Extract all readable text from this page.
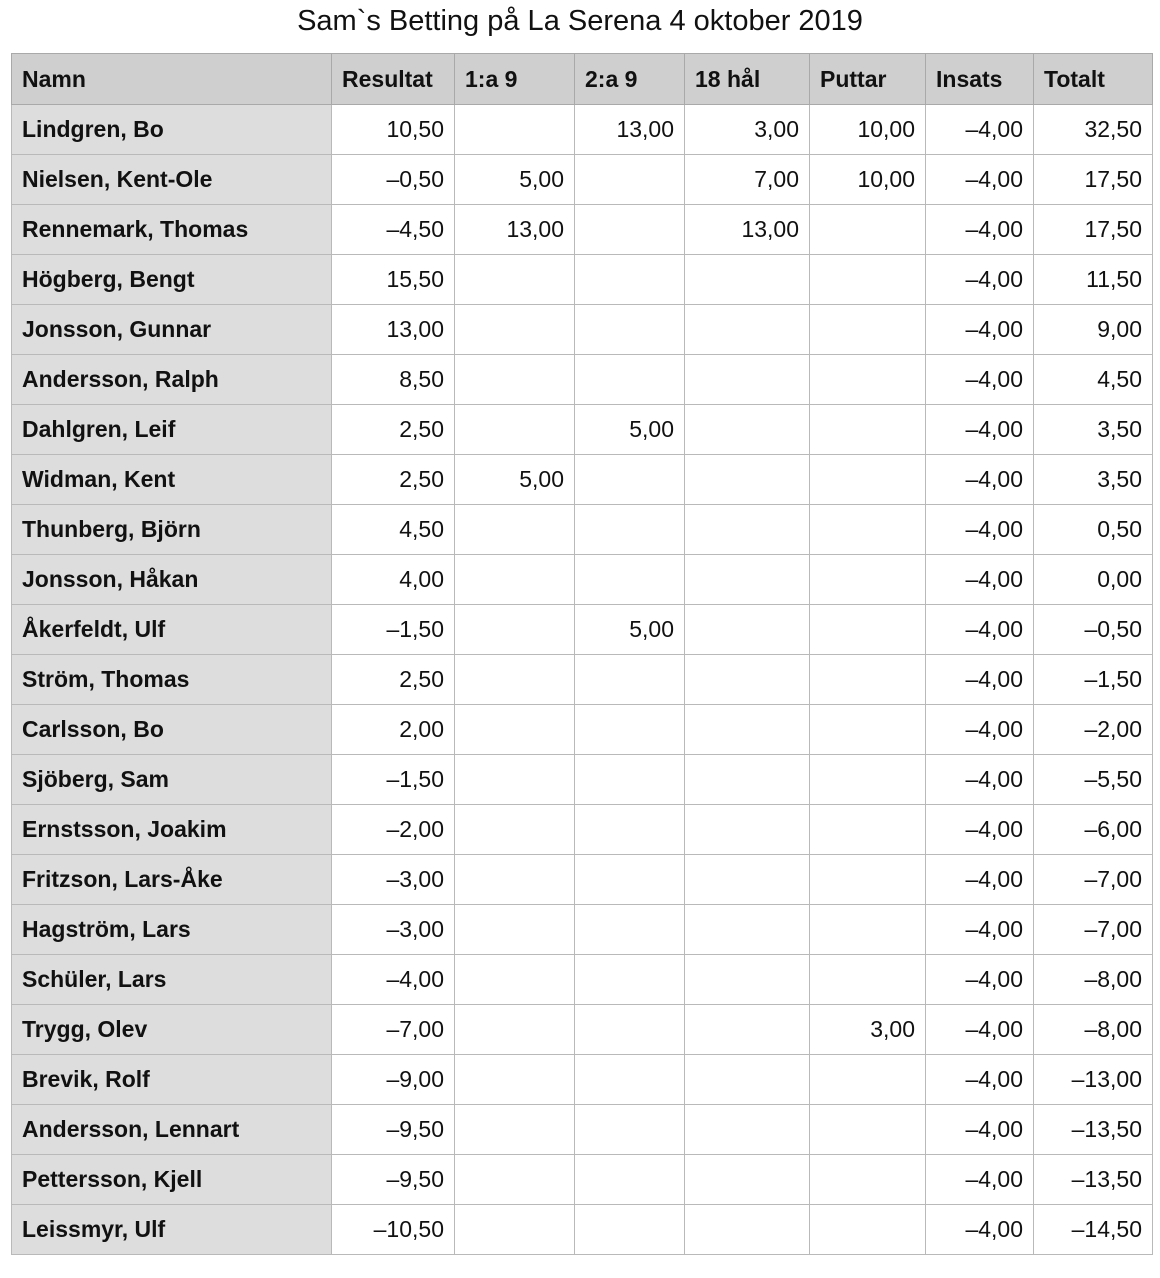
Sam`s Betting på La Serena 4 oktober 2019
Namn	Resultat	1:a 9	2:a 9	18 hål	Puttar	Insats	Totalt
Lindgren, Bo	10,50		13,00	3,00	10,00	–4,00	32,50
Nielsen, Kent-Ole	–0,50	5,00		7,00	10,00	–4,00	17,50
Rennemark, Thomas	–4,50	13,00		13,00		–4,00	17,50
Högberg, Bengt	15,50					–4,00	11,50
Jonsson, Gunnar	13,00					–4,00	9,00
Andersson, Ralph	8,50					–4,00	4,50
Dahlgren, Leif	2,50		5,00			–4,00	3,50
Widman, Kent	2,50	5,00				–4,00	3,50
Thunberg, Björn	4,50					–4,00	0,50
Jonsson, Håkan	4,00					–4,00	0,00
Åkerfeldt, Ulf	–1,50		5,00			–4,00	–0,50
Ström, Thomas	2,50					–4,00	–1,50
Carlsson, Bo	2,00					–4,00	–2,00
Sjöberg, Sam	–1,50					–4,00	–5,50
Ernstsson, Joakim	–2,00					–4,00	–6,00
Fritzson, Lars-Åke	–3,00					–4,00	–7,00
Hagström, Lars	–3,00					–4,00	–7,00
Schüler, Lars	–4,00					–4,00	–8,00
Trygg, Olev	–7,00				3,00	–4,00	–8,00
Brevik, Rolf	–9,00					–4,00	–13,00
Andersson, Lennart	–9,50					–4,00	–13,50
Pettersson, Kjell	–9,50					–4,00	–13,50
Leissmyr, Ulf	–10,50					–4,00	–14,50
